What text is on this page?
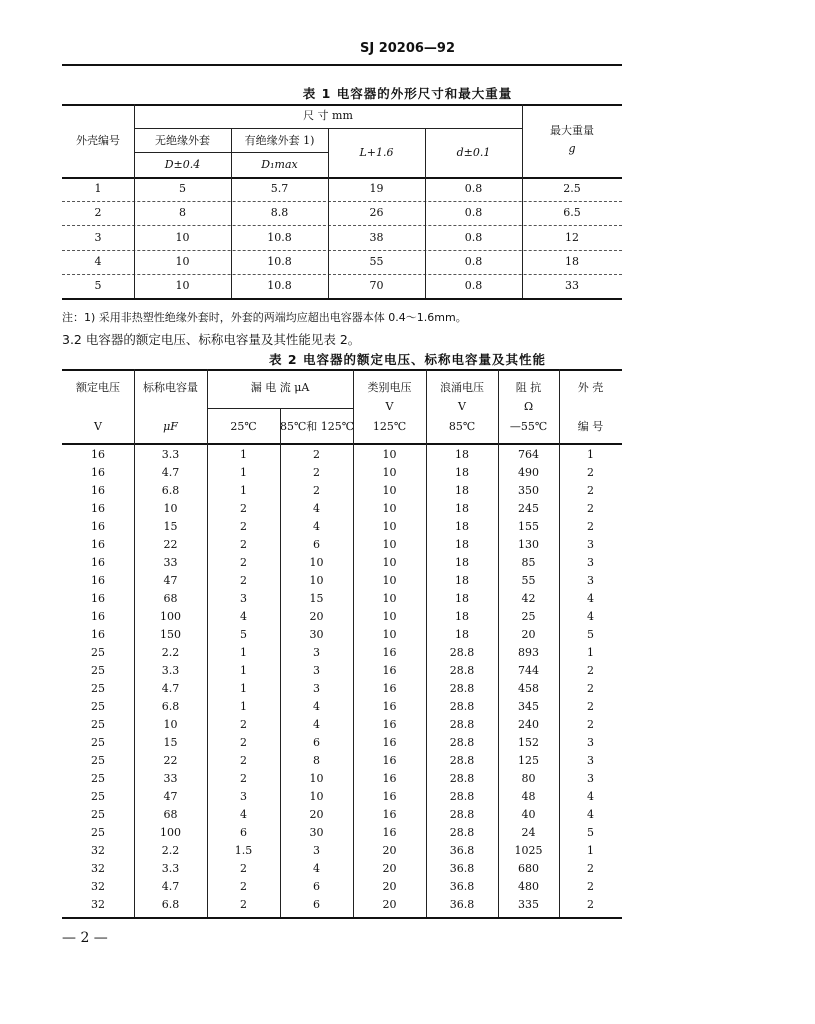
SJ 20206—92
表 1 电容器的外形尺寸和最大重量
外壳编号
尺 寸 mm
无绝缘外套	有绝缘外套 1)
D±0.4	D₁max
L+1.6	d±0.1
最大重量
g
1	5	5.7	19	0.8	2.5
2	8	8.8	26	0.8	6.5
3	10	10.8	38	0.8	12
4	10	10.8	55	0.8	18
5	10	10.8	70	0.8	33
注：1) 采用非热塑性绝缘外套时，外套的两端均应超出电容器本体 0.4～1.6mm。
3.2 电容器的额定电压、标称电容量及其性能见表 2。
表 2 电容器的额定电压、标称电容量及其性能
额定电压
V
标称电容量
μF
漏 电 流 μA
25℃	85℃和 125℃
类别电压
V
125℃
浪涌电压
V
85℃
阻 抗
Ω
—55℃
外 壳
编 号
16	3.3	1	2	10	18	764	1
16	4.7	1	2	10	18	490	2
16	6.8	1	2	10	18	350	2
16	10	2	4	10	18	245	2
16	15	2	4	10	18	155	2
16	22	2	6	10	18	130	3
16	33	2	10	10	18	85	3
16	47	2	10	10	18	55	3
16	68	3	15	10	18	42	4
16	100	4	20	10	18	25	4
16	150	5	30	10	18	20	5
25	2.2	1	3	16	28.8	893	1
25	3.3	1	3	16	28.8	744	2
25	4.7	1	3	16	28.8	458	2
25	6.8	1	4	16	28.8	345	2
25	10	2	4	16	28.8	240	2
25	15	2	6	16	28.8	152	3
25	22	2	8	16	28.8	125	3
25	33	2	10	16	28.8	80	3
25	47	3	10	16	28.8	48	4
25	68	4	20	16	28.8	40	4
25	100	6	30	16	28.8	24	5
32	2.2	1.5	3	20	36.8	1025	1
32	3.3	2	4	20	36.8	680	2
32	4.7	2	6	20	36.8	480	2
32	6.8	2	6	20	36.8	335	2
— 2 —
